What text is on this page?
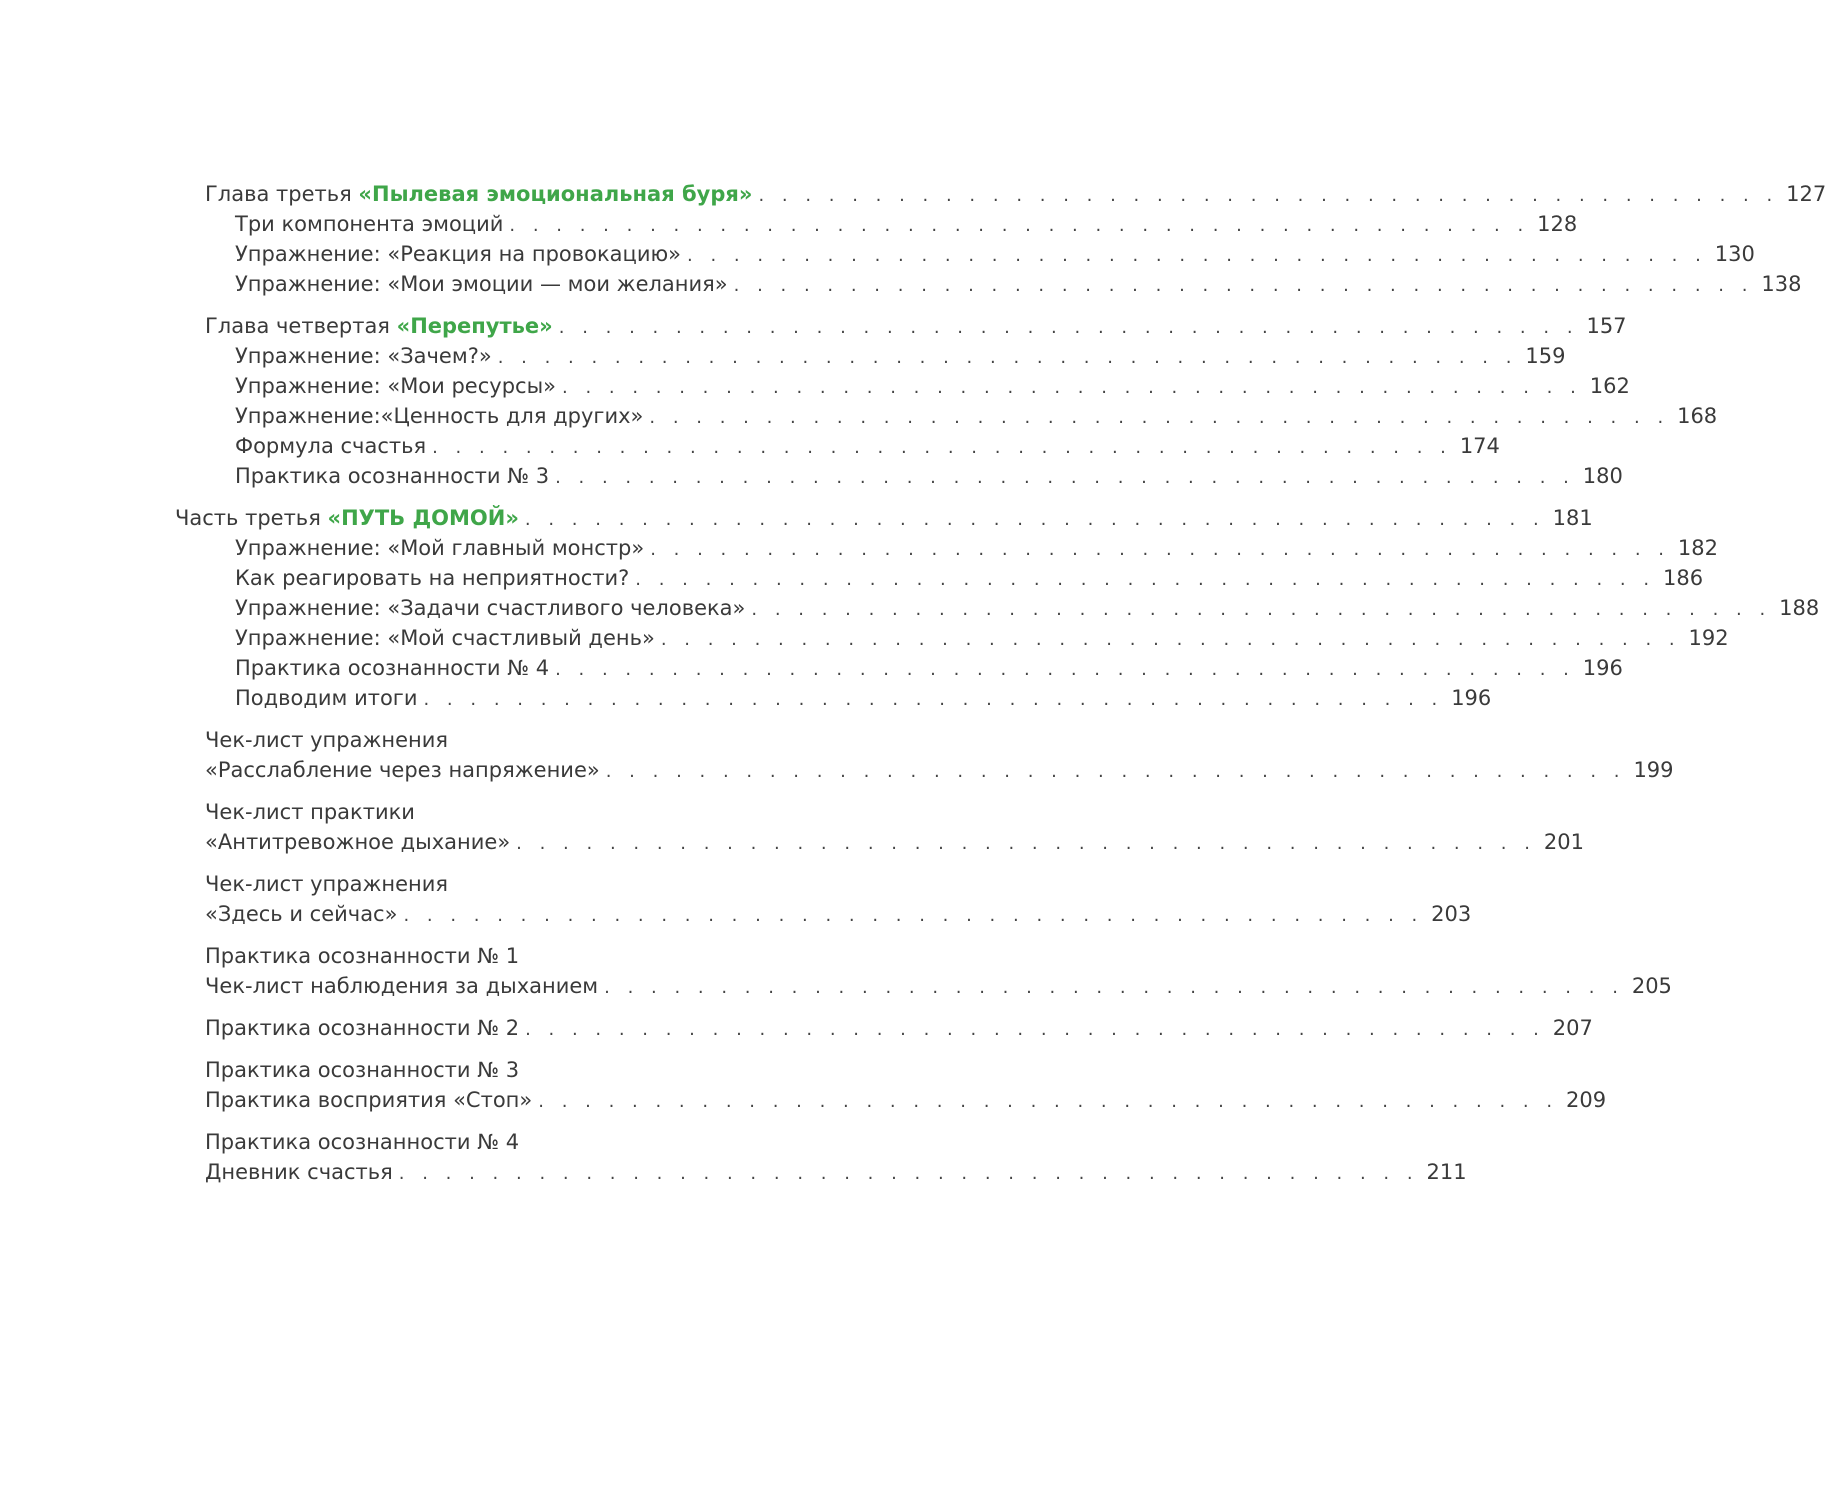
Глава третья «Пылевая эмоциональная буря» . . . . . . . . . . . . . . . . . . . . . . . . . . . . . . . . . . . . . . . . . . . . 127
Три компонента эмоций . . . . . . . . . . . . . . . . . . . . . . . . . . . . . . . . . . . . . . . . . . . . 128
Упражнение: «Реакция на провокацию» . . . . . . . . . . . . . . . . . . . . . . . . . . . . . . . . . . . . . . . . . . . . 130
Упражнение: «Мои эмоции — мои желания» . . . . . . . . . . . . . . . . . . . . . . . . . . . . . . . . . . . . . . . . . . . . 138
Глава четвертая «Перепутье» . . . . . . . . . . . . . . . . . . . . . . . . . . . . . . . . . . . . . . . . . . . . 157
Упражнение: «Зачем?» . . . . . . . . . . . . . . . . . . . . . . . . . . . . . . . . . . . . . . . . . . . . 159
Упражнение: «Мои ресурсы» . . . . . . . . . . . . . . . . . . . . . . . . . . . . . . . . . . . . . . . . . . . . 162
Упражнение:«Ценность для других» . . . . . . . . . . . . . . . . . . . . . . . . . . . . . . . . . . . . . . . . . . . . 168
Формула счастья . . . . . . . . . . . . . . . . . . . . . . . . . . . . . . . . . . . . . . . . . . . . 174
Практика осознанности № 3 . . . . . . . . . . . . . . . . . . . . . . . . . . . . . . . . . . . . . . . . . . . . 180
Часть третья «ПУТЬ ДОМОЙ» . . . . . . . . . . . . . . . . . . . . . . . . . . . . . . . . . . . . . . . . . . . . 181
Упражнение: «Мой главный монстр» . . . . . . . . . . . . . . . . . . . . . . . . . . . . . . . . . . . . . . . . . . . . 182
Как реагировать на неприятности? . . . . . . . . . . . . . . . . . . . . . . . . . . . . . . . . . . . . . . . . . . . . 186
Упражнение: «Задачи счастливого человека» . . . . . . . . . . . . . . . . . . . . . . . . . . . . . . . . . . . . . . . . . . . . 188
Упражнение: «Мой счастливый день» . . . . . . . . . . . . . . . . . . . . . . . . . . . . . . . . . . . . . . . . . . . . 192
Практика осознанности № 4 . . . . . . . . . . . . . . . . . . . . . . . . . . . . . . . . . . . . . . . . . . . . 196
Подводим итоги . . . . . . . . . . . . . . . . . . . . . . . . . . . . . . . . . . . . . . . . . . . . 196
Чек-лист упражнения
«Расслабление через напряжение» . . . . . . . . . . . . . . . . . . . . . . . . . . . . . . . . . . . . . . . . . . . . 199
Чек-лист практики
«Антитревожное дыхание» . . . . . . . . . . . . . . . . . . . . . . . . . . . . . . . . . . . . . . . . . . . . 201
Чек-лист упражнения
«Здесь и сейчас» . . . . . . . . . . . . . . . . . . . . . . . . . . . . . . . . . . . . . . . . . . . . 203
Практика осознанности № 1
Чек-лист наблюдения за дыханием . . . . . . . . . . . . . . . . . . . . . . . . . . . . . . . . . . . . . . . . . . . . 205
Практика осознанности № 2 . . . . . . . . . . . . . . . . . . . . . . . . . . . . . . . . . . . . . . . . . . . . 207
Практика осознанности № 3
Практика восприятия «Стоп» . . . . . . . . . . . . . . . . . . . . . . . . . . . . . . . . . . . . . . . . . . . . 209
Практика осознанности № 4
Дневник счастья . . . . . . . . . . . . . . . . . . . . . . . . . . . . . . . . . . . . . . . . . . . . 211
